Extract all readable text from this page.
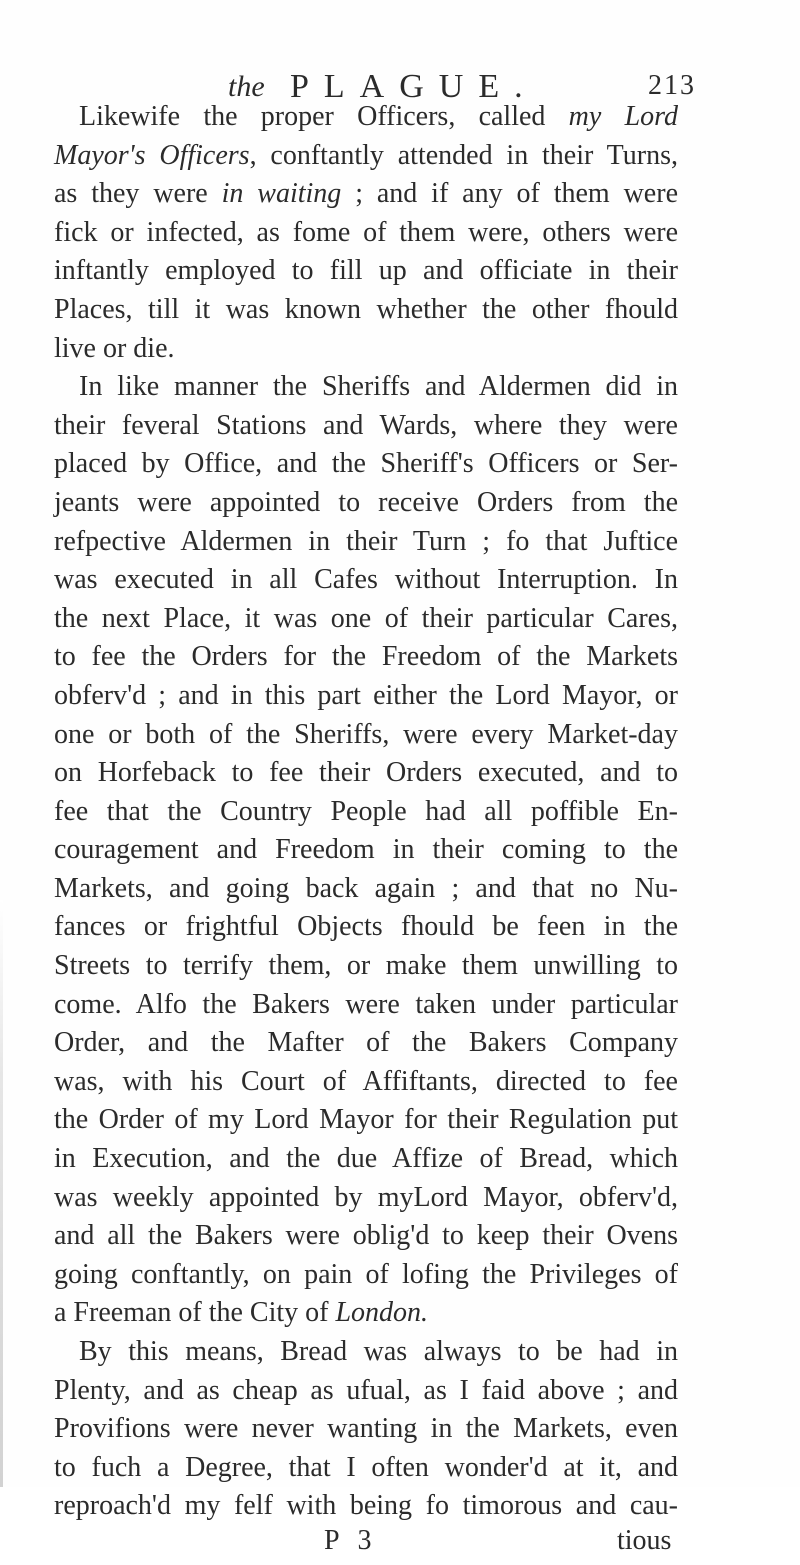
the PLAGUE.	213
Likewife the proper Officers, called my Lord
Mayor's Officers, conftantly attended in their Turns,
as they were in waiting ; and if any of them were
fick or infected, as fome of them were, others were
inftantly employed to fill up and officiate in their
Places, till it was known whether the other fhould
live or die.
In like manner the Sheriffs and Aldermen did in
their feveral Stations and Wards, where they were
placed by Office, and the Sheriff's Officers or Ser-
jeants were appointed to receive Orders from the
refpective Aldermen in their Turn ; fo that Juftice
was executed in all Cafes without Interruption. In
the next Place, it was one of their particular Cares,
to fee the Orders for the Freedom of the Markets
obferv'd ; and in this part either the Lord Mayor, or
one or both of the Sheriffs, were every Market-day
on Horfeback to fee their Orders executed, and to
fee that the Country People had all poffible En-
couragement and Freedom in their coming to the
Markets, and going back again ; and that no Nu-
fances or frightful Objects fhould be feen in the
Streets to terrify them, or make them unwilling to
come. Alfo the Bakers were taken under particular
Order, and the Mafter of the Bakers Company
was, with his Court of Affiftants, directed to fee
the Order of my Lord Mayor for their Regulation put
in Execution, and the due Affize of Bread, which
was weekly appointed by myLord Mayor, obferv'd,
and all the Bakers were oblig'd to keep their Ovens
going conftantly, on pain of lofing the Privileges of
a Freeman of the City of London.
By this means, Bread was always to be had in
Plenty, and as cheap as ufual, as I faid above ; and
Provifions were never wanting in the Markets, even
to fuch a Degree, that I often wonder'd at it, and
reproach'd my felf with being fo timorous and cau-
P 3	tious
